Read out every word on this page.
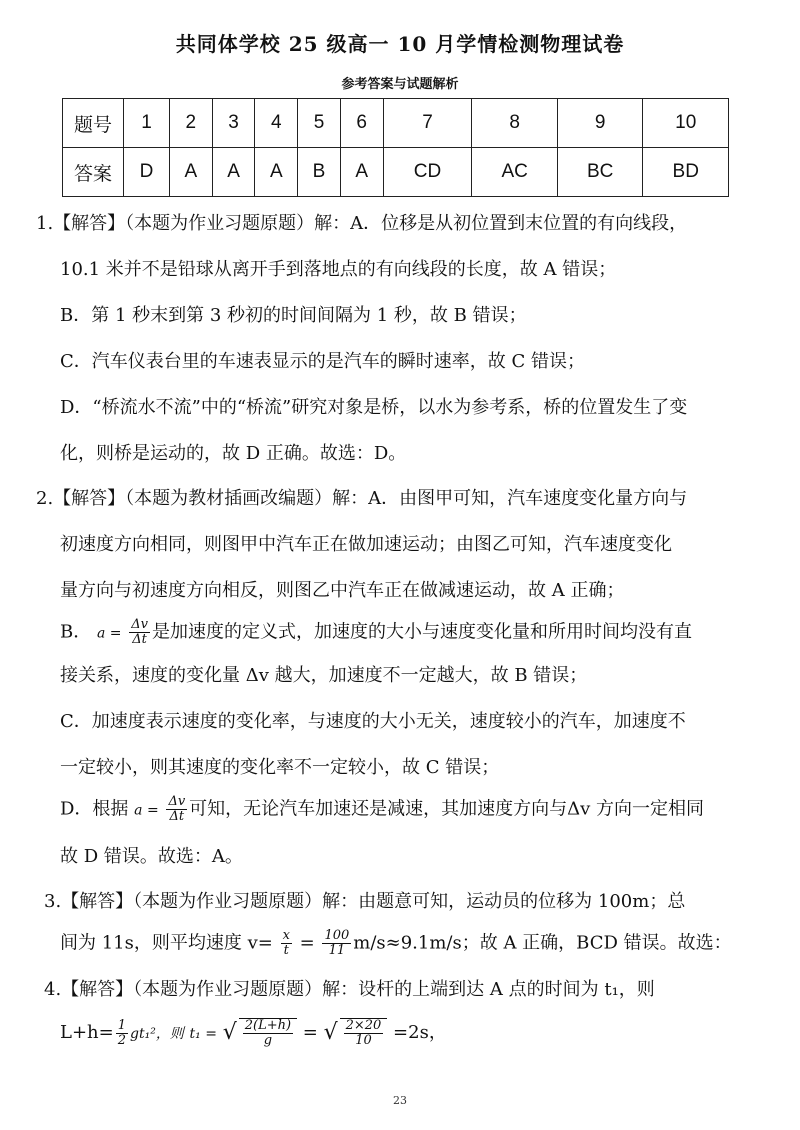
共同体学校 25 级高一 10 月学情检测物理试卷
参考答案与试题解析
题号	1	2	3	4	5	6	7	8	9	10
答案	D	A	A	A	B	A	CD	AC	BC	BD
1.【解答】（本题为作业习题原题）解：A．位移是从初位置到末位置的有向线段，
10.1 米并不是铅球从离开手到落地点的有向线段的长度，故 A 错误；
B．第 1 秒末到第 3 秒初的时间间隔为 1 秒，故 B 错误；
C．汽车仪表台里的车速表显示的是汽车的瞬时速率，故 C 错误；
D．“桥流水不流”中的“桥流”研究对象是桥，以水为参考系，桥的位置发生了变
化，则桥是运动的，故 D 正确。故选：D。
2.【解答】（本题为教材插画改编题）解：A．由图甲可知，汽车速度变化量方向与
初速度方向相同，则图甲中汽车正在做加速运动；由图乙可知，汽车速度变化
量方向与初速度方向相反，则图乙中汽车正在做减速运动，故 A 正确；
B． $a = \frac{\Delta v}{\Delta t}$ 是加速度的定义式，加速度的大小与速度变化量和所用时间均没有直
接关系，速度的变化量 Δv 越大，加速度不一定越大，故 B 错误；
C．加速度表示速度的变化率，与速度的大小无关，速度较小的汽车，加速度不
一定较小，则其速度的变化率不一定较小，故 C 错误；
D．根据 $a = \frac{\Delta v}{\Delta t}$ 可知，无论汽车加速还是减速，其加速度方向与Δv 方向一定相同
故 D 错误。故选：A。
3.【解答】（本题为作业习题原题）解：由题意可知，运动员的位移为 100m；总
间为 11s，则平均速度 $v= \frac{x}{t} = \frac{100}{11} m/s\approx 9.1m/s$；故 A 正确，BCD 错误。故选：
4.【解答】（本题为作业习题原题）解：设杆的上端到达 A 点的时间为 t₁，则
$L+h= \frac{1}{2} gt_1^2$，则 t₁ = √ $\frac{2(L+h)}{g}$ = √ $\frac{2\times 20}{10} =2s$，
23
